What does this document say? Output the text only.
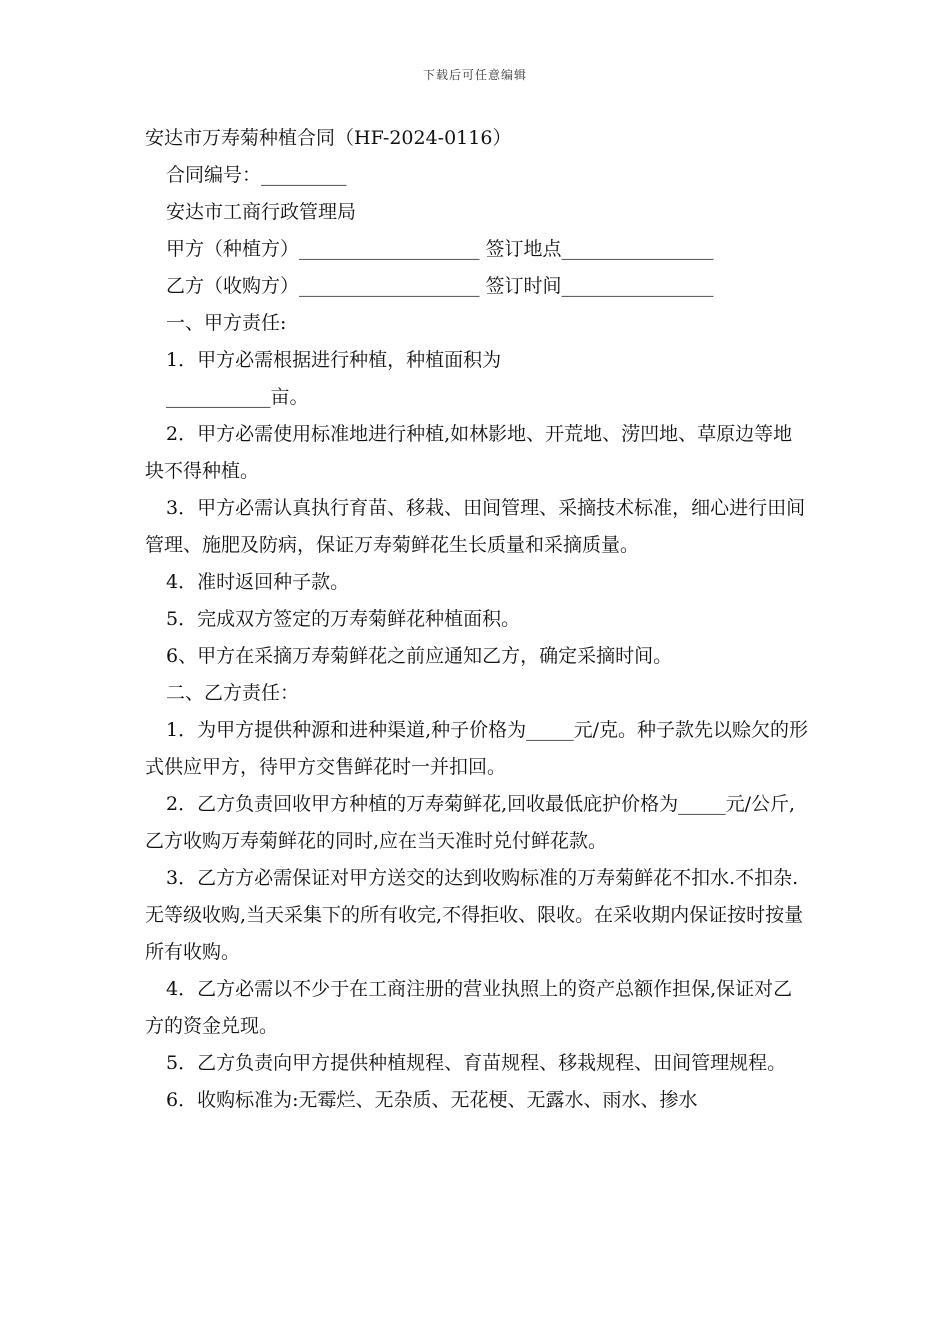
下载后可任意编辑
安达市万寿菊种植合同（HF-2024-0116）
合同编号：_________
安达市工商行政管理局
甲方（种植方）___________________ 签订地点________________
乙方（收购方）___________________ 签订时间________________
一、甲方责任:
1．甲方必需根据进行种植，种植面积为
___________亩。
2．甲方必需使用标准地进行种植,如林影地、开荒地、涝凹地、草原边等地块不得种植。
3．甲方必需认真执行育苗、移栽、田间管理、采摘技术标准，细心进行田间管理、施肥及防病，保证万寿菊鲜花生长质量和采摘质量。
4．准时返回种子款。
5．完成双方签定的万寿菊鲜花种植面积。
6、甲方在采摘万寿菊鲜花之前应通知乙方，确定采摘时间。
二、乙方责任：
1．为甲方提供种源和进种渠道,种子价格为_____元/克。种子款先以赊欠的形式供应甲方，待甲方交售鲜花时一并扣回。
2．乙方负责回收甲方种植的万寿菊鲜花,回收最低庇护价格为_____元/公斤,乙方收购万寿菊鲜花的同时,应在当天准时兑付鲜花款。
3．乙方方必需保证对甲方送交的达到收购标准的万寿菊鲜花不扣水.不扣杂.无等级收购,当天采集下的所有收完,不得拒收、限收。在采收期内保证按时按量所有收购。
4．乙方必需以不少于在工商注册的营业执照上的资产总额作担保,保证对乙方的资金兑现。
5．乙方负责向甲方提供种植规程、育苗规程、移栽规程、田间管理规程。
6．收购标准为:无霉烂、无杂质、无花梗、无露水、雨水、掺水
